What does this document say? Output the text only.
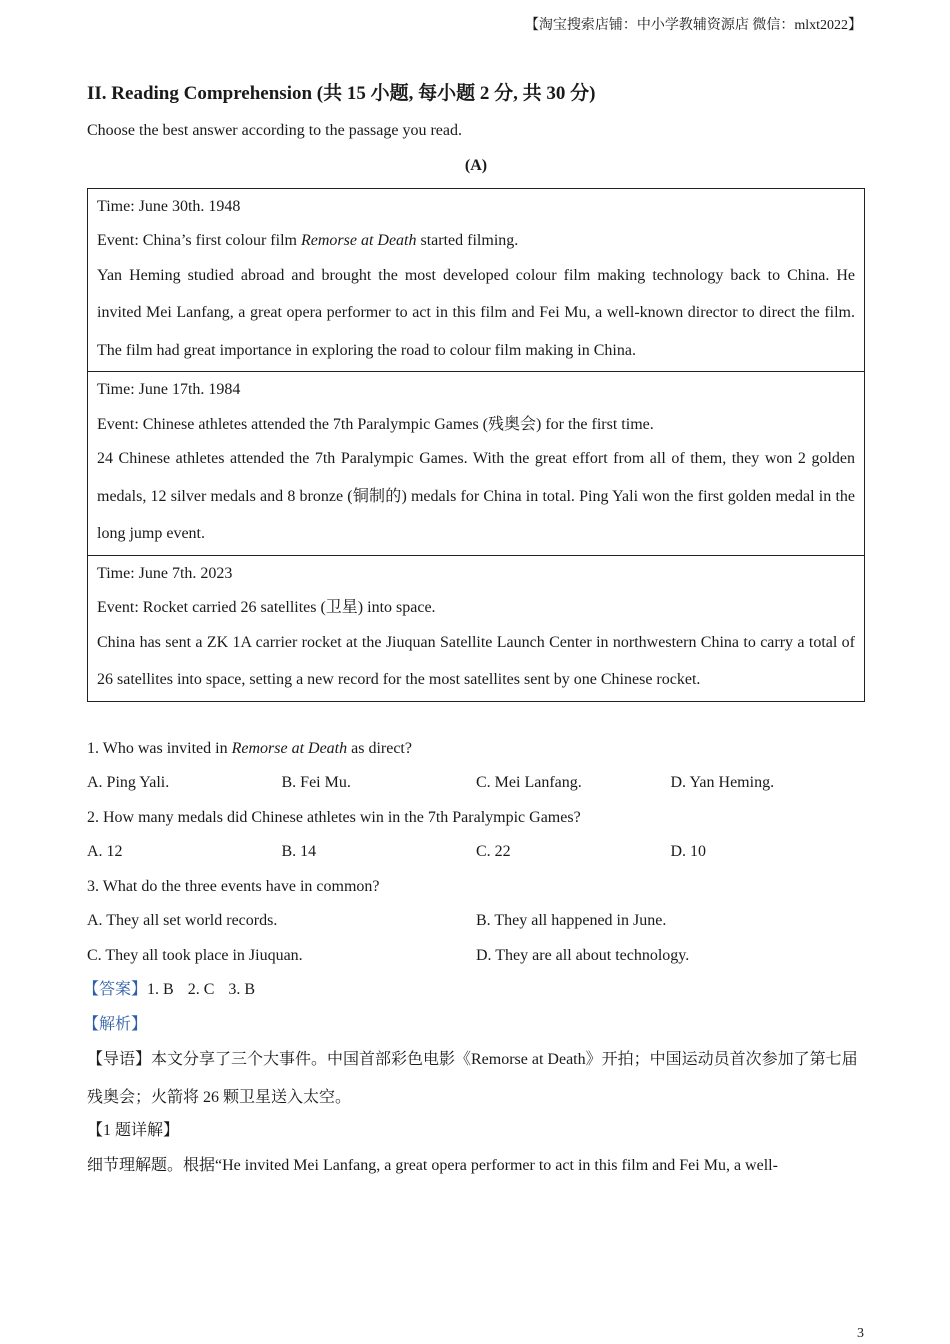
【淘宝搜索店铺：中小学教辅资源店 微信：mlxt2022】
II. Reading Comprehension (共 15 小题, 每小题 2 分, 共 30 分)
Choose the best answer according to the passage you read.
(A)
Time: June 30th. 1948
Event: China’s first colour film Remorse at Death started filming.
Yan Heming studied abroad and brought the most developed colour film making technology back to China. He invited Mei Lanfang, a great opera performer to act in this film and Fei Mu, a well-known director to direct the film. The film had great importance in exploring the road to colour film making in China.

Time: June 17th. 1984
Event: Chinese athletes attended the 7th Paralympic Games (残奥会) for the first time.
24 Chinese athletes attended the 7th Paralympic Games. With the great effort from all of them, they won 2 golden medals, 12 silver medals and 8 bronze (铜制的) medals for China in total. Ping Yali won the first golden medal in the long jump event.

Time: June 7th. 2023
Event: Rocket carried 26 satellites (卫星) into space.
China has sent a ZK 1A carrier rocket at the Jiuquan Satellite Launch Center in northwestern China to carry a total of 26 satellites into space, setting a new record for the most satellites sent by one Chinese rocket.
1. Who was invited in Remorse at Death as direct?
A. Ping Yali.	B. Fei Mu.	C. Mei Lanfang.	D. Yan Heming.
2. How many medals did Chinese athletes win in the 7th Paralympic Games?
A. 12	B. 14	C. 22	D. 10
3. What do the three events have in common?
A. They all set world records.	B. They all happened in June.
C. They all took place in Jiuquan.	D. They are all about technology.
【答案】1. B 2. C 3. B
【解析】
【导语】本文分享了三个大事件。中国首部彩色电影《Remorse at Death》开拍；中国运动员首次参加了第七届残奥会；火箭将 26 颗卫星送入太空。
【1 题详解】
细节理解题。根据“He invited Mei Lanfang, a great opera performer to act in this film and Fei Mu, a well-
3
